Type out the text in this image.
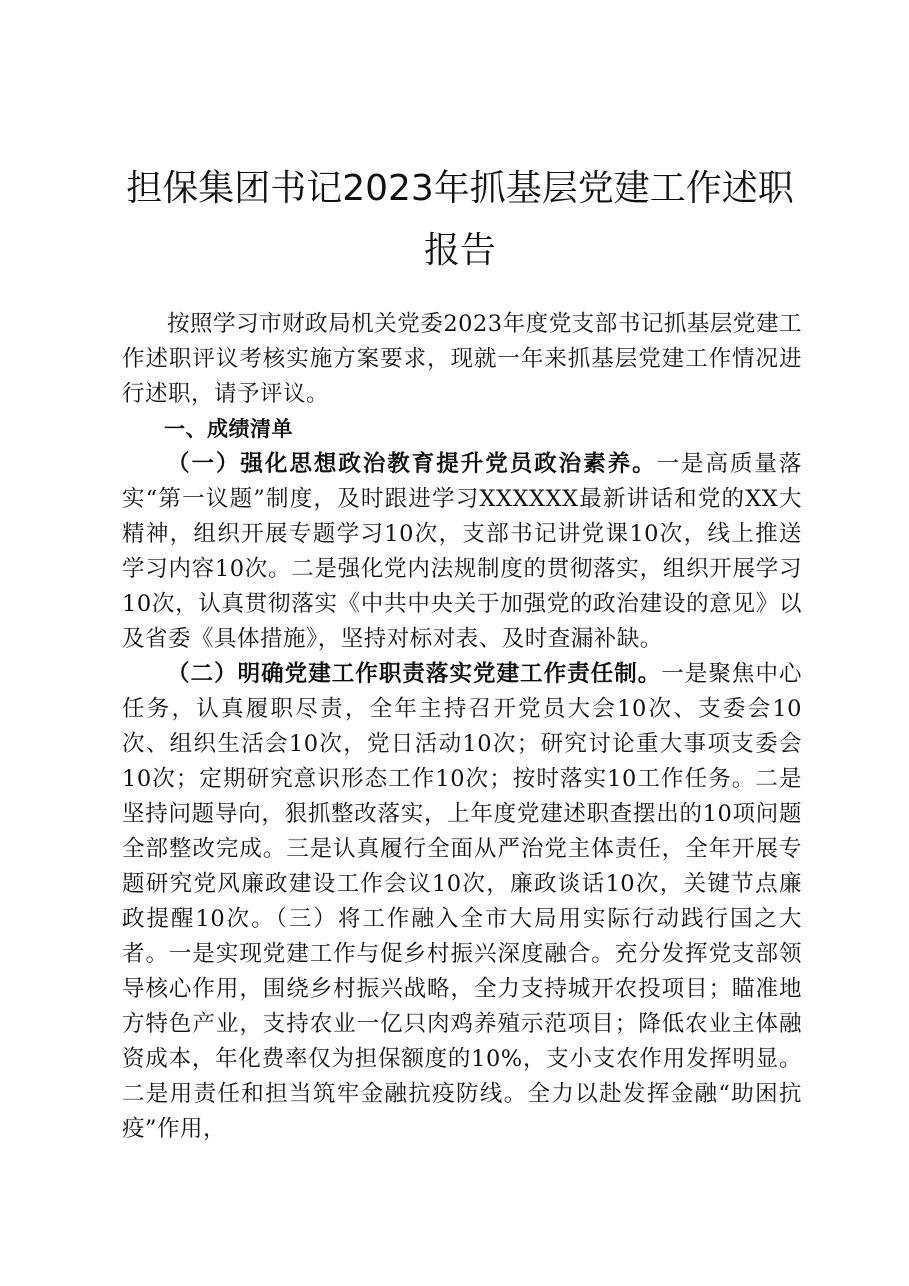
担保集团书记2023年抓基层党建工作述职报告

按照学习市财政局机关党委2023年度党支部书记抓基层党建工作述职评议考核实施方案要求，现就一年来抓基层党建工作情况进行述职，请予评议。

一、成绩清单

（一）强化思想政治教育提升党员政治素养。一是高质量落实“第一议题”制度，及时跟进学习XXXXXX最新讲话和党的XX大精神，组织开展专题学习10次，支部书记讲党课10次，线上推送学习内容10次。二是强化党内法规制度的贯彻落实，组织开展学习10次，认真贯彻落实《中共中央关于加强党的政治建设的意见》以及省委《具体措施》，坚持对标对表、及时查漏补缺。

（二）明确党建工作职责落实党建工作责任制。一是聚焦中心任务，认真履职尽责，全年主持召开党员大会10次、支委会10次、组织生活会10次，党日活动10次；研究讨论重大事项支委会10次；定期研究意识形态工作10次；按时落实10工作任务。二是坚持问题导向，狠抓整改落实，上年度党建述职查摆出的10项问题全部整改完成。三是认真履行全面从严治党主体责任，全年开展专题研究党风廉政建设工作会议10次，廉政谈话10次，关键节点廉政提醒10次。（三）将工作融入全市大局用实际行动践行国之大者。一是实现党建工作与促乡村振兴深度融合。充分发挥党支部领导核心作用，围绕乡村振兴战略，全力支持城开农投项目；瞄准地方特色产业，支持农业一亿只肉鸡养殖示范项目；降低农业主体融资成本，年化费率仅为担保额度的10%，支小支农作用发挥明显。二是用责任和担当筑牢金融抗疫防线。全力以赴发挥金融“助困抗疫”作用，
